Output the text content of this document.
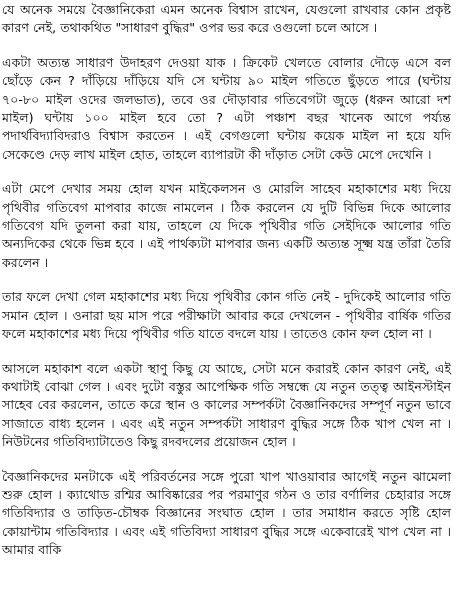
যে অনেক সময়ে বৈজ্ঞানিকেরা এমন অনেক বিশ্বাস রাখেন, যেগুলো রাখবার কোন প্রকৃষ্ট কারণ নেই, তথাকথিত "সাধারণ বুদ্ধির" ওপর ভর করে ওগুলো চলে আসে ।

একটা অত্যন্ত সাধারণ উদাহরণ দেওয়া যাক । ক্রিকেট খেলতে বোলার দৌড়ে এসে বল ছোঁড়ে কেন ? দাঁড়িয়ে দাঁড়িয়ে যদি সে ঘন্টায় ৯০ মাইল গতিতে ছুঁড়তে পারে (ঘন্টায় ৭০-৮০ মাইল ওদের জলভাত), তবে ওর দৌড়াবার গতিবেগটা জুড়ে (ধরুন আরো দশ মাইল) ঘন্টায় ১০০ মাইল হবে তো ? এটা পঞ্চাশ বছর খানেক আগে পর্য্যন্ত পদার্থবিদ্যাবিদরাও বিশ্বাস করতেন । এই বেগগুলো ঘন্টায় কয়েক মাইল না হয়ে যদি সেকেণ্ডে দেড় লাখ মাইল হোত, তাহলে ব্যাপারটা কী দাঁড়াত সেটা কেউ মেপে দেখেনি ।

এটা মেপে দেখার সময় হোল যখন মাইকেলসন ও মোরলি সাহেব মহাকাশের মধ্য দিয়ে পৃথিবীর গতিবেগ মাপবার কাজে নামলেন । ঠিক করলেন যে দুটি বিভিন্ন দিকে আলোর গতিবেগ যদি তুলনা করা যায়, তাহলে যে দিকে পৃথিবীর গতি সেইদিকে আলোর গতি অন্যদিকের থেকে ভিন্ন হবে । এই পার্থক্যটা মাপবার জন্য একটি অত্যন্ত সূক্ষ্ম যন্ত্র তাঁরা তৈরি করলেন ।

তার ফলে দেখা গেল মহাকাশের মধ্য দিয়ে পৃথিবীর কোন গতি নেই - দুদিকেই আলোর গতি সমান হোল । ওনারা ছয় মাস পরে পরীক্ষাটা আবার করে দেখলেন - পৃথিবীর বার্ষিক গতির ফলে মহাকাশের মধ্য দিয়ে পৃথিবীর গতি যাতে বদলে যায় । তাতেও কোন ফল হোল না ।

আসলে মহাকাশ বলে একটা স্থাণু কিছু যে আছে, সেটা মনে করারই কোন কারণ নেই, এই কথাটাই বোঝা গেল । এবং দুটো বস্তুর আপেক্ষিক গতি সম্বন্ধে যে নতুন তত্ত্ব আইনস্টাইন সাহেব বের করলেন, তাতে করে স্থান ও কালের সম্পর্কটা বৈজ্ঞানিকদের সম্পূর্ণ নতুন ভাবে সাজাতে বাধ্য হলেন । এবং এই নতুন সম্পর্কটা সাধারণ বুদ্ধির সঙ্গে ঠিক খাপ খেল না । নিউটনের গতিবিদ্যাটাতেও কিছু রদবদলের প্রয়োজন হোল ।

বৈজ্ঞানিকদের মনটাকে এই পরিবর্তনের সঙ্গে পুরো খাপ খাওয়াবার আগেই নতুন ঝামেলা শুরু হোল । ক্যাথোড রশ্মির আবিষ্কারের পর পরমাণুর গঠন ও তার বর্ণালির চেহারার সঙ্গে গতিবিদ্যার ও তাড়িত-চৌম্বক বিজ্ঞানের সংঘাত হোল । তার সমাধান করতে সৃষ্টি হোল কোয়ান্টাম গতিবিদ্যার । এবং এই গতিবিদ্যা সাধারণ বুদ্ধির সঙ্গে একেবারেই খাপ খেল না । আমার বাকি
